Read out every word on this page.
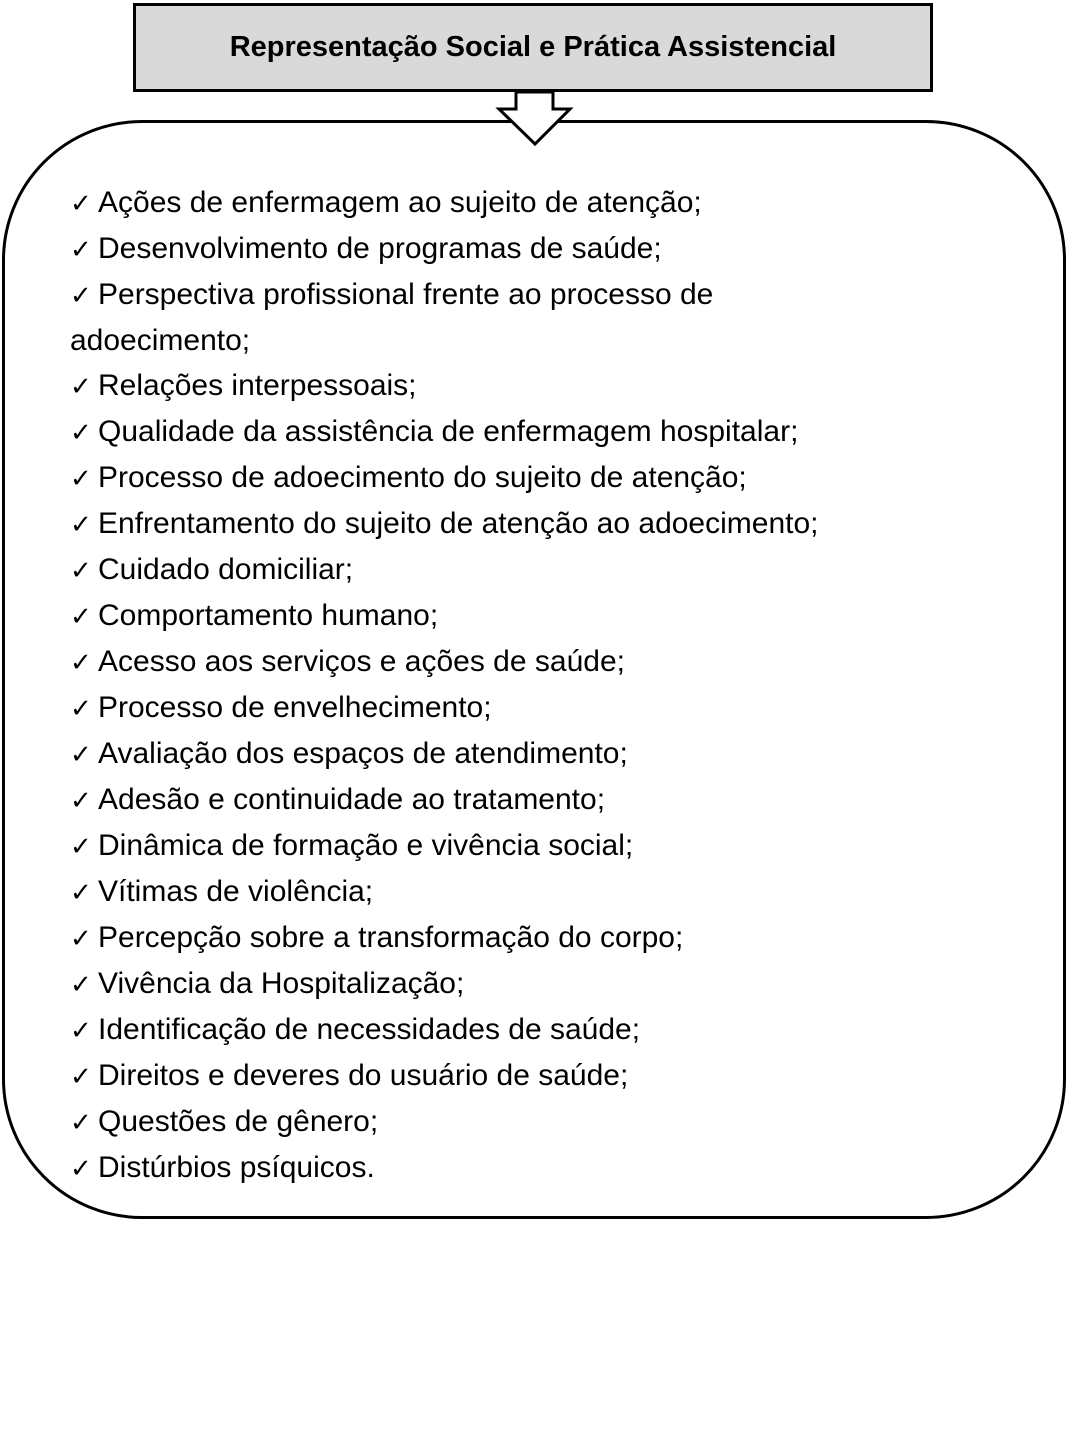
Representação Social e Prática Assistencial
✓ Ações de enfermagem ao sujeito de atenção;
✓ Desenvolvimento de programas de saúde;
✓ Perspectiva profissional frente ao processo de
adoecimento;
✓ Relações interpessoais;
✓ Qualidade da assistência de enfermagem hospitalar;
✓ Processo de adoecimento do sujeito de atenção;
✓ Enfrentamento do sujeito de atenção ao adoecimento;
✓ Cuidado domiciliar;
✓ Comportamento humano;
✓ Acesso aos serviços e ações de saúde;
✓ Processo de envelhecimento;
✓ Avaliação dos espaços de atendimento;
✓ Adesão e continuidade ao tratamento;
✓ Dinâmica de formação e vivência social;
✓ Vítimas de violência;
✓ Percepção sobre a transformação do corpo;
✓ Vivência da Hospitalização;
✓ Identificação de necessidades de saúde;
✓ Direitos e deveres do usuário de saúde;
✓ Questões de gênero;
✓ Distúrbios psíquicos.
